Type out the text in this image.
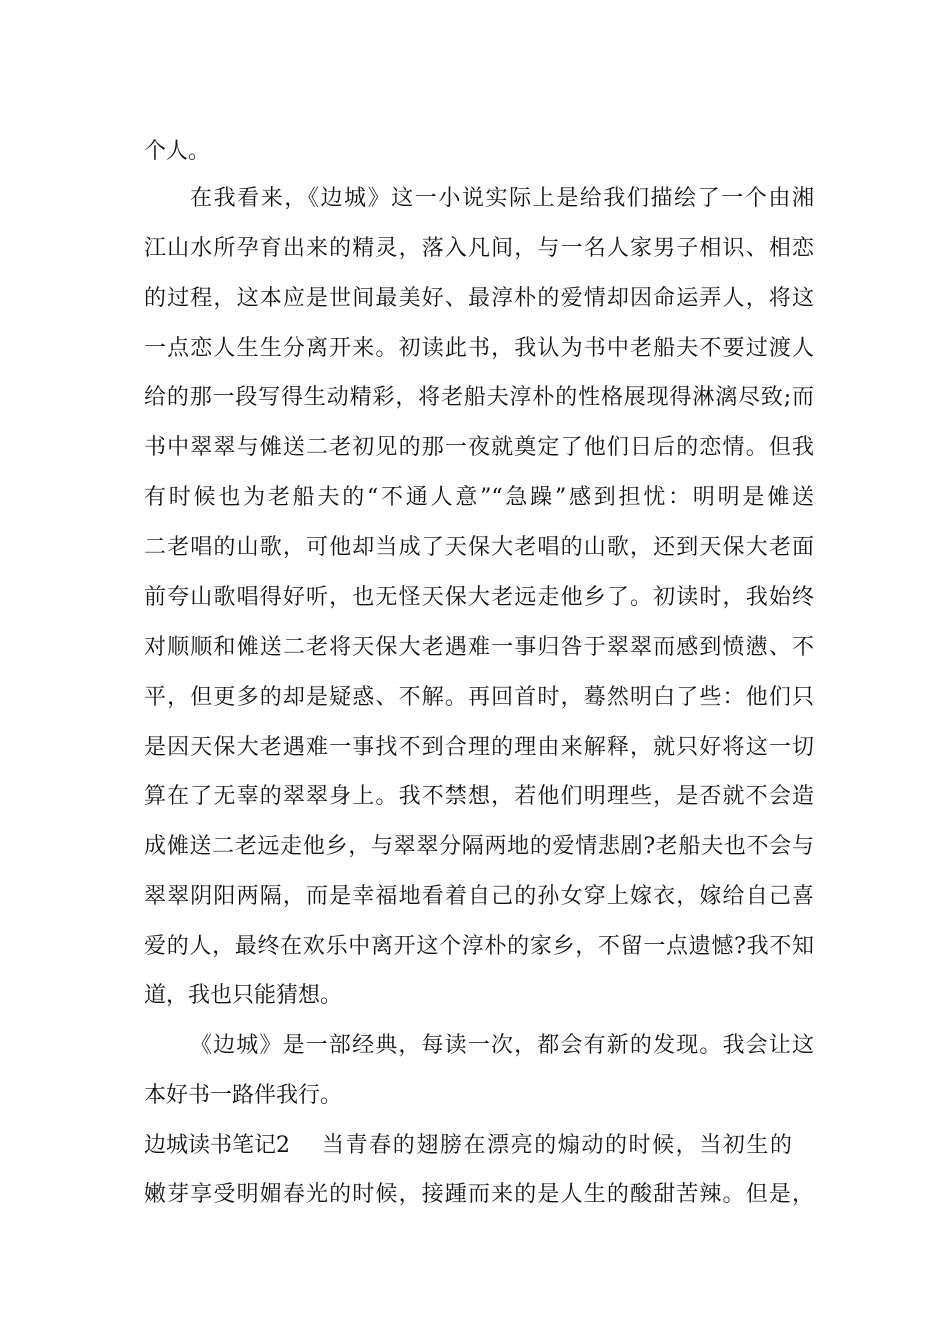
个人。
在我看来，《边城》这一小说实际上是给我们描绘了一个由湘
江山水所孕育出来的精灵，落入凡间，与一名人家男子相识、相恋
的过程，这本应是世间最美好、最淳朴的爱情却因命运弄人，将这
一点恋人生生分离开来。初读此书，我认为书中老船夫不要过渡人
给的那一段写得生动精彩，将老船夫淳朴的性格展现得淋漓尽致;而
书中翠翠与傩送二老初见的那一夜就奠定了他们日后的恋情。但我
有时候也为老船夫的“不通人意”“急躁”感到担忧：明明是傩送
二老唱的山歌，可他却当成了天保大老唱的山歌，还到天保大老面
前夸山歌唱得好听，也无怪天保大老远走他乡了。初读时，我始终
对顺顺和傩送二老将天保大老遇难一事归咎于翠翠而感到愤懑、不
平，但更多的却是疑惑、不解。再回首时，蓦然明白了些：他们只
是因天保大老遇难一事找不到合理的理由来解释，就只好将这一切
算在了无辜的翠翠身上。我不禁想，若他们明理些，是否就不会造
成傩送二老远走他乡，与翠翠分隔两地的爱情悲剧?老船夫也不会与
翠翠阴阳两隔，而是幸福地看着自己的孙女穿上嫁衣，嫁给自己喜
爱的人，最终在欢乐中离开这个淳朴的家乡，不留一点遗憾?我不知
道，我也只能猜想。
《边城》是一部经典，每读一次，都会有新的发现。我会让这
本好书一路伴我行。
边城读书笔记2 当青春的翅膀在漂亮的煽动的时候，当初生的
嫩芽享受明媚春光的时候，接踵而来的是人生的酸甜苦辣。但是，
